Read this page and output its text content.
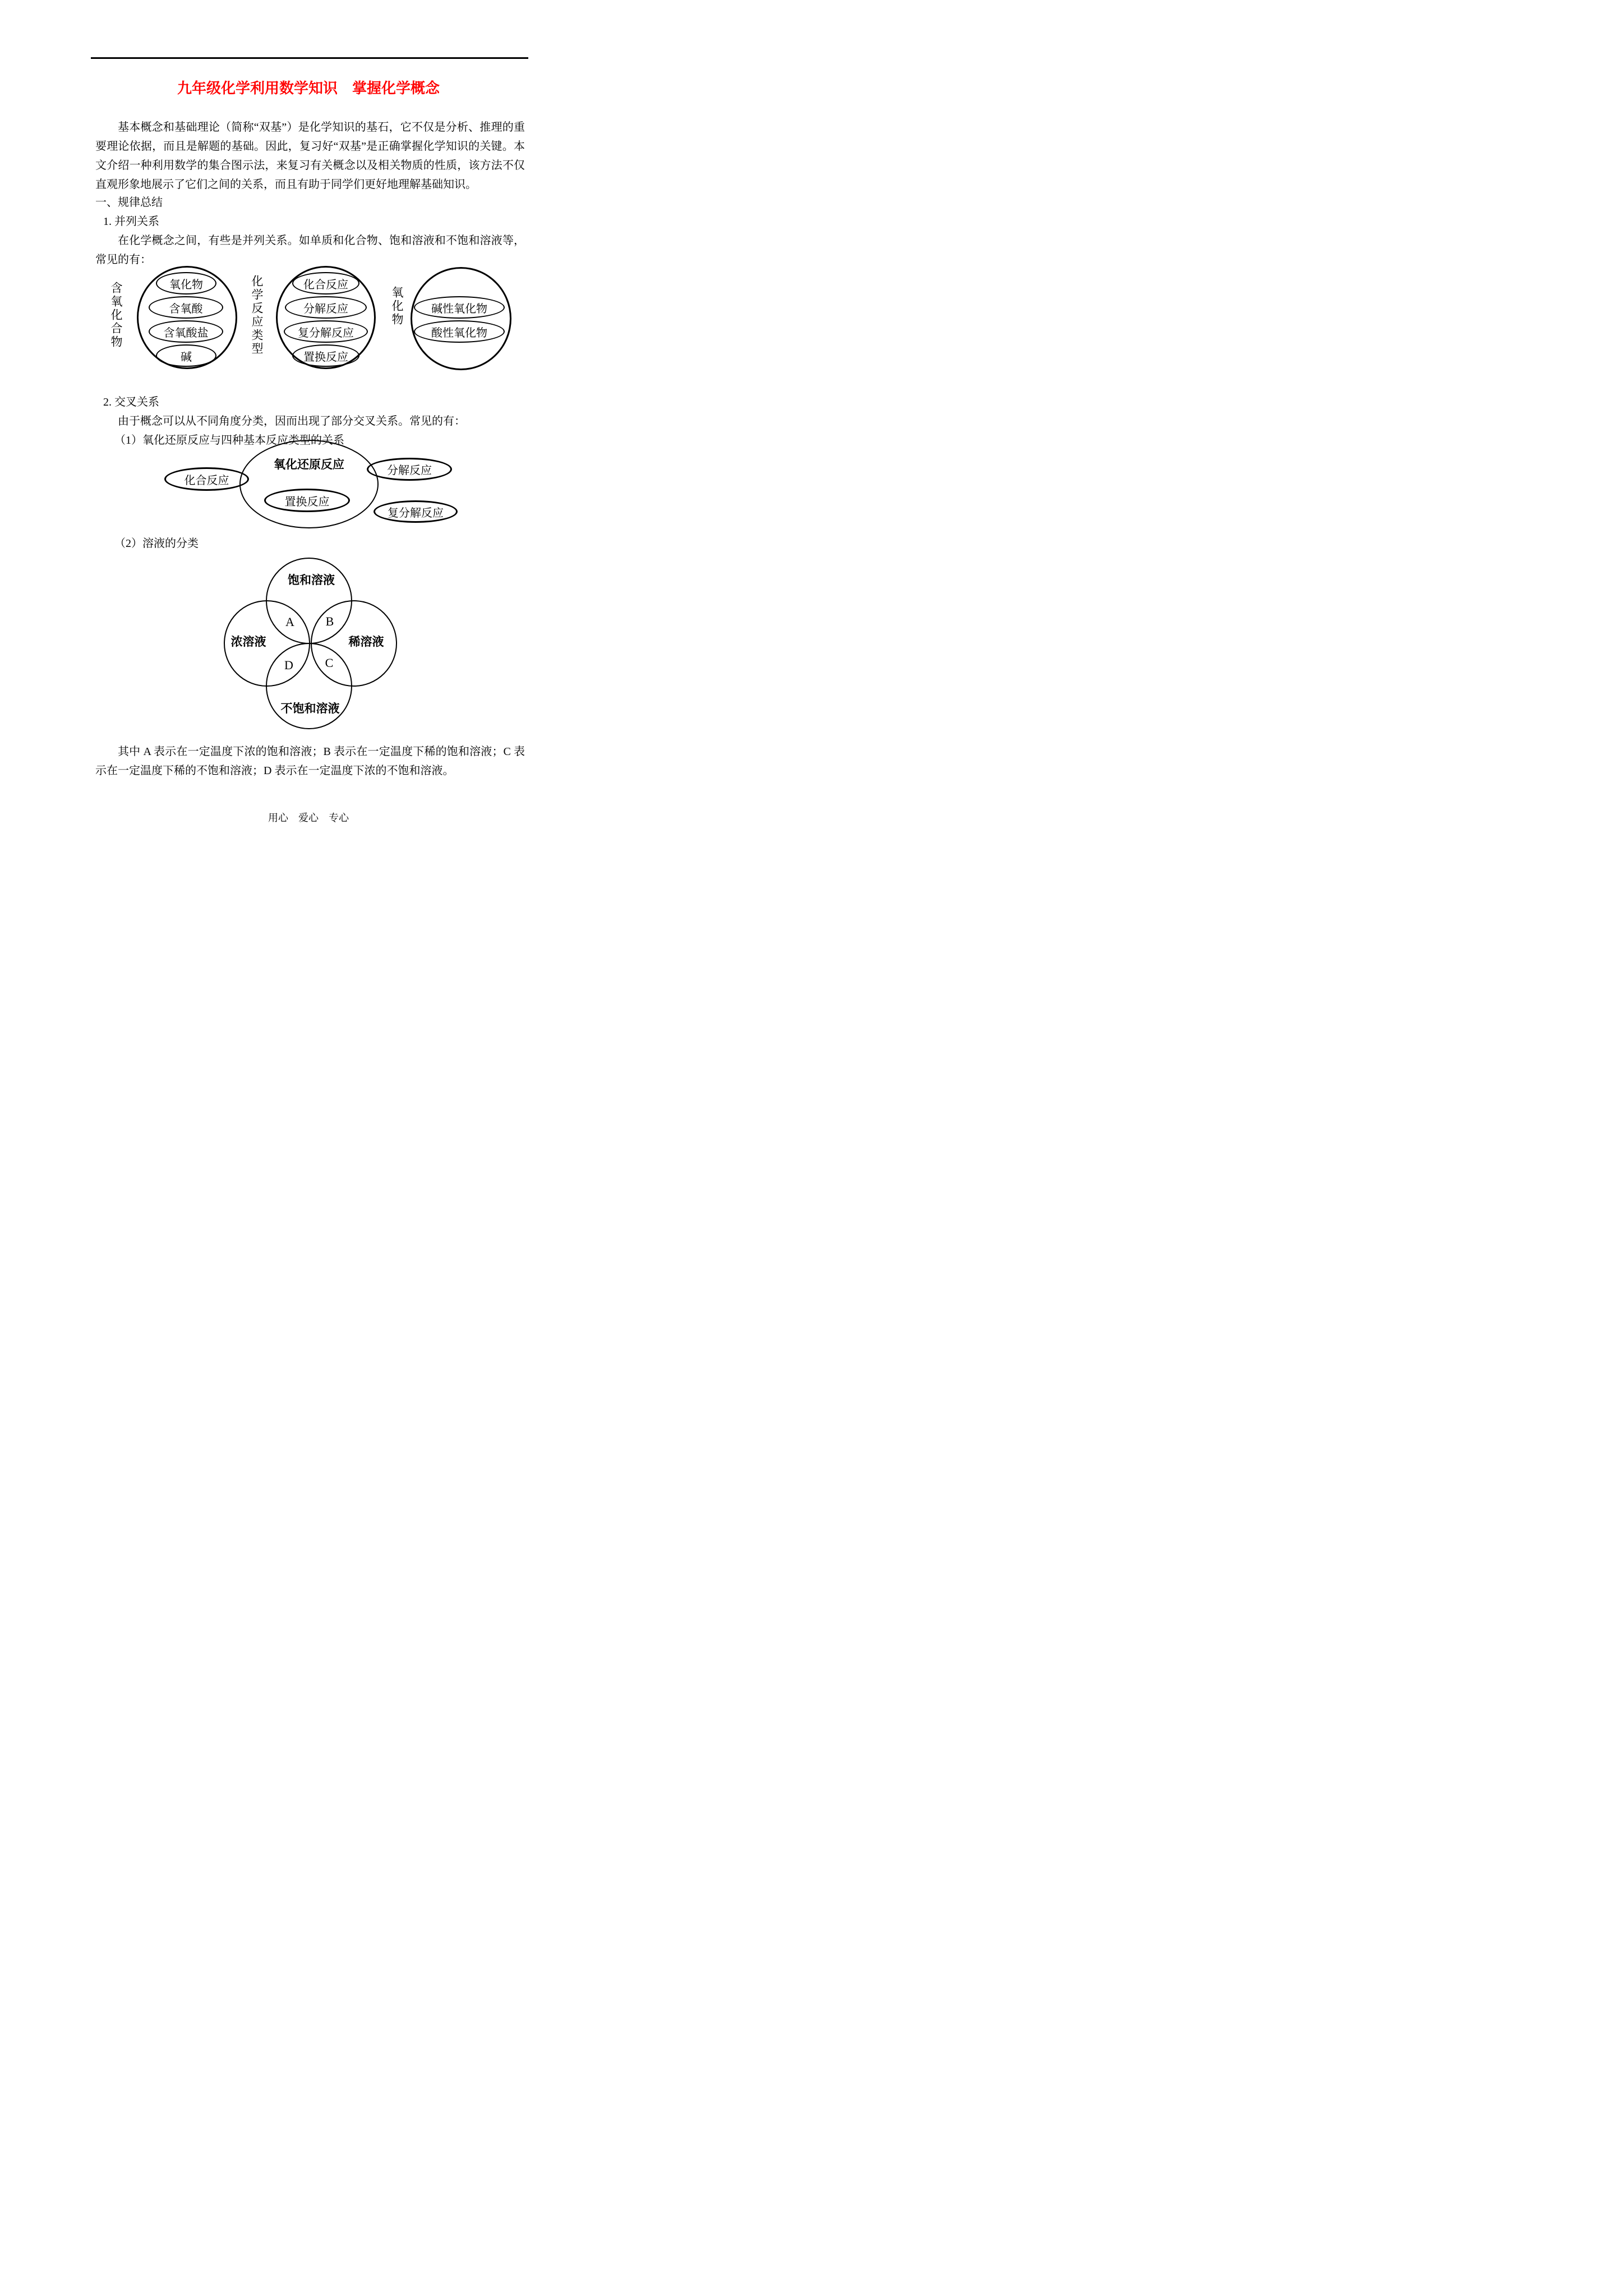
九年级化学利用数学知识　掌握化学概念

基本概念和基础理论（简称“双基”）是化学知识的基石，它不仅是分析、推理的重要理论依据，而且是解题的基础。因此，复习好“双基”是正确掌握化学知识的关键。本文介绍一种利用数学的集合图示法，来复习有关概念以及相关物质的性质，该方法不仅直观形象地展示了它们之间的关系，而且有助于同学们更好地理解基础知识。

一、规律总结

1. 并列关系

在化学概念之间，有些是并列关系。如单质和化合物、饱和溶液和不饱和溶液等，常见的有：

含氧化合物	氧化物
含氧酸
含氧酸盐
碱
化学反应类型	化合反应
分解反应
复分解反应
置换反应
氧化物 碱性氧化物
酸性氧化物

2. 交叉关系

由于概念可以从不同角度分类，因而出现了部分交叉关系。常见的有：

（1）氧化还原反应与四种基本反应类型的关系

氧化还原反应
化合反应
分解反应
置换反应
复分解反应

（2）溶液的分类

饱和溶液
浓溶液	稀溶液
不饱和溶液
A	B
C
D

其中 A 表示在一定温度下浓的饱和溶液；B 表示在一定温度下稀的饱和溶液；C 表示在一定温度下稀的不饱和溶液；D 表示在一定温度下浓的不饱和溶液。

用心　爱心　专心
